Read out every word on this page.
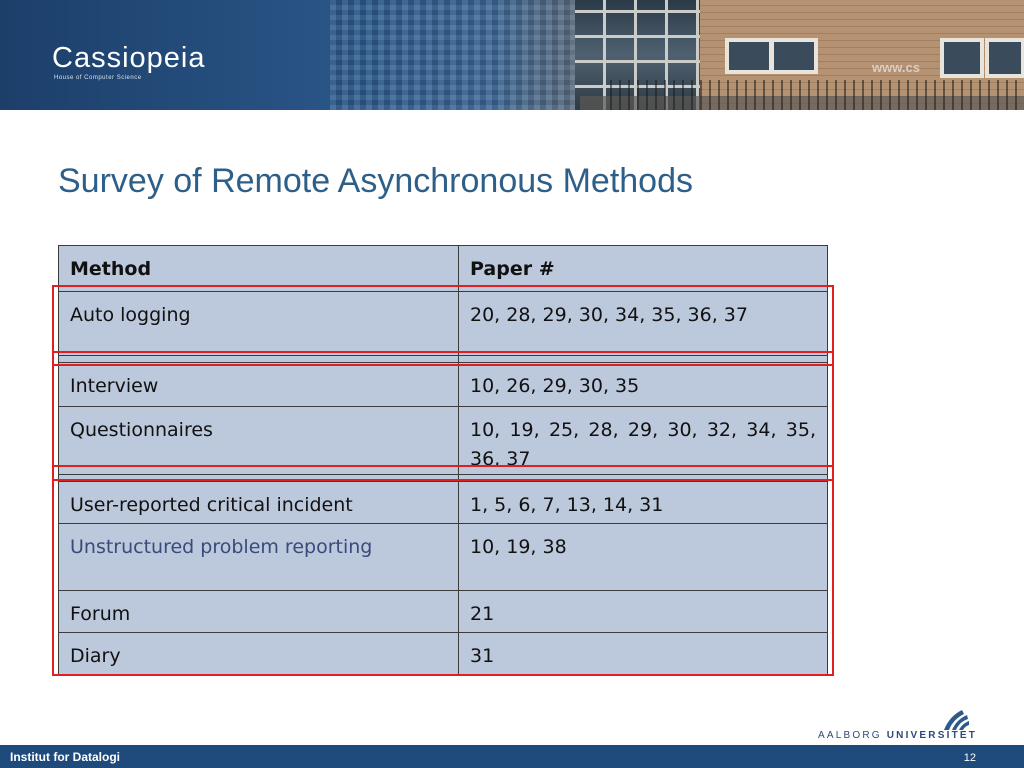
Cassiopeia
House of Computer Science
www.cs
Survey of Remote Asynchronous Methods
Method	Paper #
Auto logging	20, 28, 29, 30, 34, 35, 36, 37

Interview	10, 26, 29, 30, 35
Questionnaires	10, 19, 25, 28, 29, 30, 32, 34, 35, 36, 37

User-reported critical incident	1, 5, 6, 7, 13, 14, 31
Unstructured problem reporting	10, 19, 38
Forum	21
Diary	31
AALBORG UNIVERSITET
Institut for Datalogi	12
